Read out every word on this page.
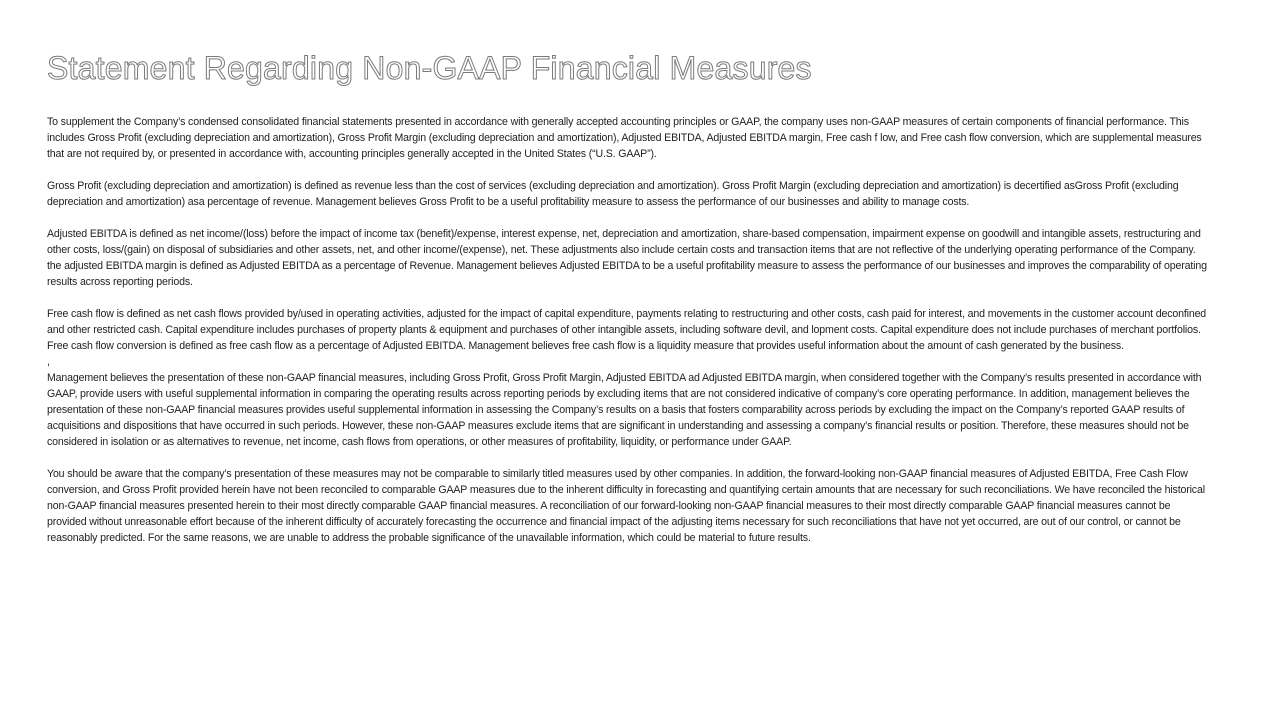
Statement Regarding Non-GAAP Financial Measures

To supplement the Company’s condensed consolidated financial statements presented in accordance with generally accepted accounting principles or GAAP, the company uses non-GAAP measures of certain components of financial performance. This includes Gross Profit (excluding depreciation and amortization), Gross Profit Margin (excluding depreciation and amortization), Adjusted EBITDA, Adjusted EBITDA margin, Free cash f low, and Free cash flow conversion, which are supplemental measures that are not required by, or presented in accordance with, accounting principles generally accepted in the United States (“U.S. GAAP”).

Gross Profit (excluding depreciation and amortization) is defined as revenue less than the cost of services (excluding depreciation and amortization). Gross Profit Margin (excluding depreciation and amortization) is decertified asGross Profit (excluding depreciation and amortization) asa percentage of revenue. Management believes Gross Profit to be a useful profitability measure to assess the performance of our businesses and ability to manage costs.

Adjusted EBITDA is defined as net income/(loss) before the impact of income tax (benefit)/expense, interest expense, net, depreciation and amortization, share-based compensation, impairment expense on goodwill and intangible assets, restructuring and other costs, loss/(gain) on disposal of subsidiaries and other assets, net, and other income/(expense), net. These adjustments also include certain costs and transaction items that are not reflective of the underlying operating performance of the Company. the adjusted EBITDA margin is defined as Adjusted EBITDA as a percentage of Revenue. Management believes Adjusted EBITDA to be a useful profitability measure to assess the performance of our businesses and improves the comparability of operating results across reporting periods.

Free cash flow is defined as net cash flows provided by/used in operating activities, adjusted for the impact of capital expenditure, payments relating to restructuring and other costs, cash paid for interest, and movements in the customer account deconfined and other restricted cash. Capital expenditure includes purchases of property plants & equipment and purchases of other intangible assets, including software devil, and lopment costs. Capital expenditure does not include purchases of merchant portfolios. Free cash flow conversion is defined as free cash flow as a percentage of Adjusted EBITDA. Management believes free cash flow is a liquidity measure that provides useful information about the amount of cash generated by the business.

,

Management believes the presentation of these non-GAAP financial measures, including Gross Profit, Gross Profit Margin, Adjusted EBITDA ad Adjusted EBITDA margin, when considered together with the Company’s results presented in accordance with GAAP, provide users with useful supplemental information in comparing the operating results across reporting periods by excluding items that are not considered indicative of company’s core operating performance. In addition, management believes the presentation of these non-GAAP financial measures provides useful supplemental information in assessing the Company’s results on a basis that fosters comparability across periods by excluding the impact on the Company’s reported GAAP results of acquisitions and dispositions that have occurred in such periods. However, these non-GAAP measures exclude items that are significant in understanding and assessing a company’s financial results or position. Therefore, these measures should not be considered in isolation or as alternatives to revenue, net income, cash flows from operations, or other measures of profitability, liquidity, or performance under GAAP.

You should be aware that the company’s presentation of these measures may not be comparable to similarly titled measures used by other companies. In addition, the forward-looking non-GAAP financial measures of Adjusted EBITDA, Free Cash Flow conversion, and Gross Profit provided herein have not been reconciled to comparable GAAP measures due to the inherent difficulty in forecasting and quantifying certain amounts that are necessary for such reconciliations. We have reconciled the historical non-GAAP financial measures presented herein to their most directly comparable GAAP financial measures. A reconciliation of our forward-looking non-GAAP financial measures to their most directly comparable GAAP financial measures cannot be provided without unreasonable effort because of the inherent difficulty of accurately forecasting the occurrence and financial impact of the adjusting items necessary for such reconciliations that have not yet occurred, are out of our control, or cannot be reasonably predicted. For the same reasons, we are unable to address the probable significance of the unavailable information, which could be material to future results.
